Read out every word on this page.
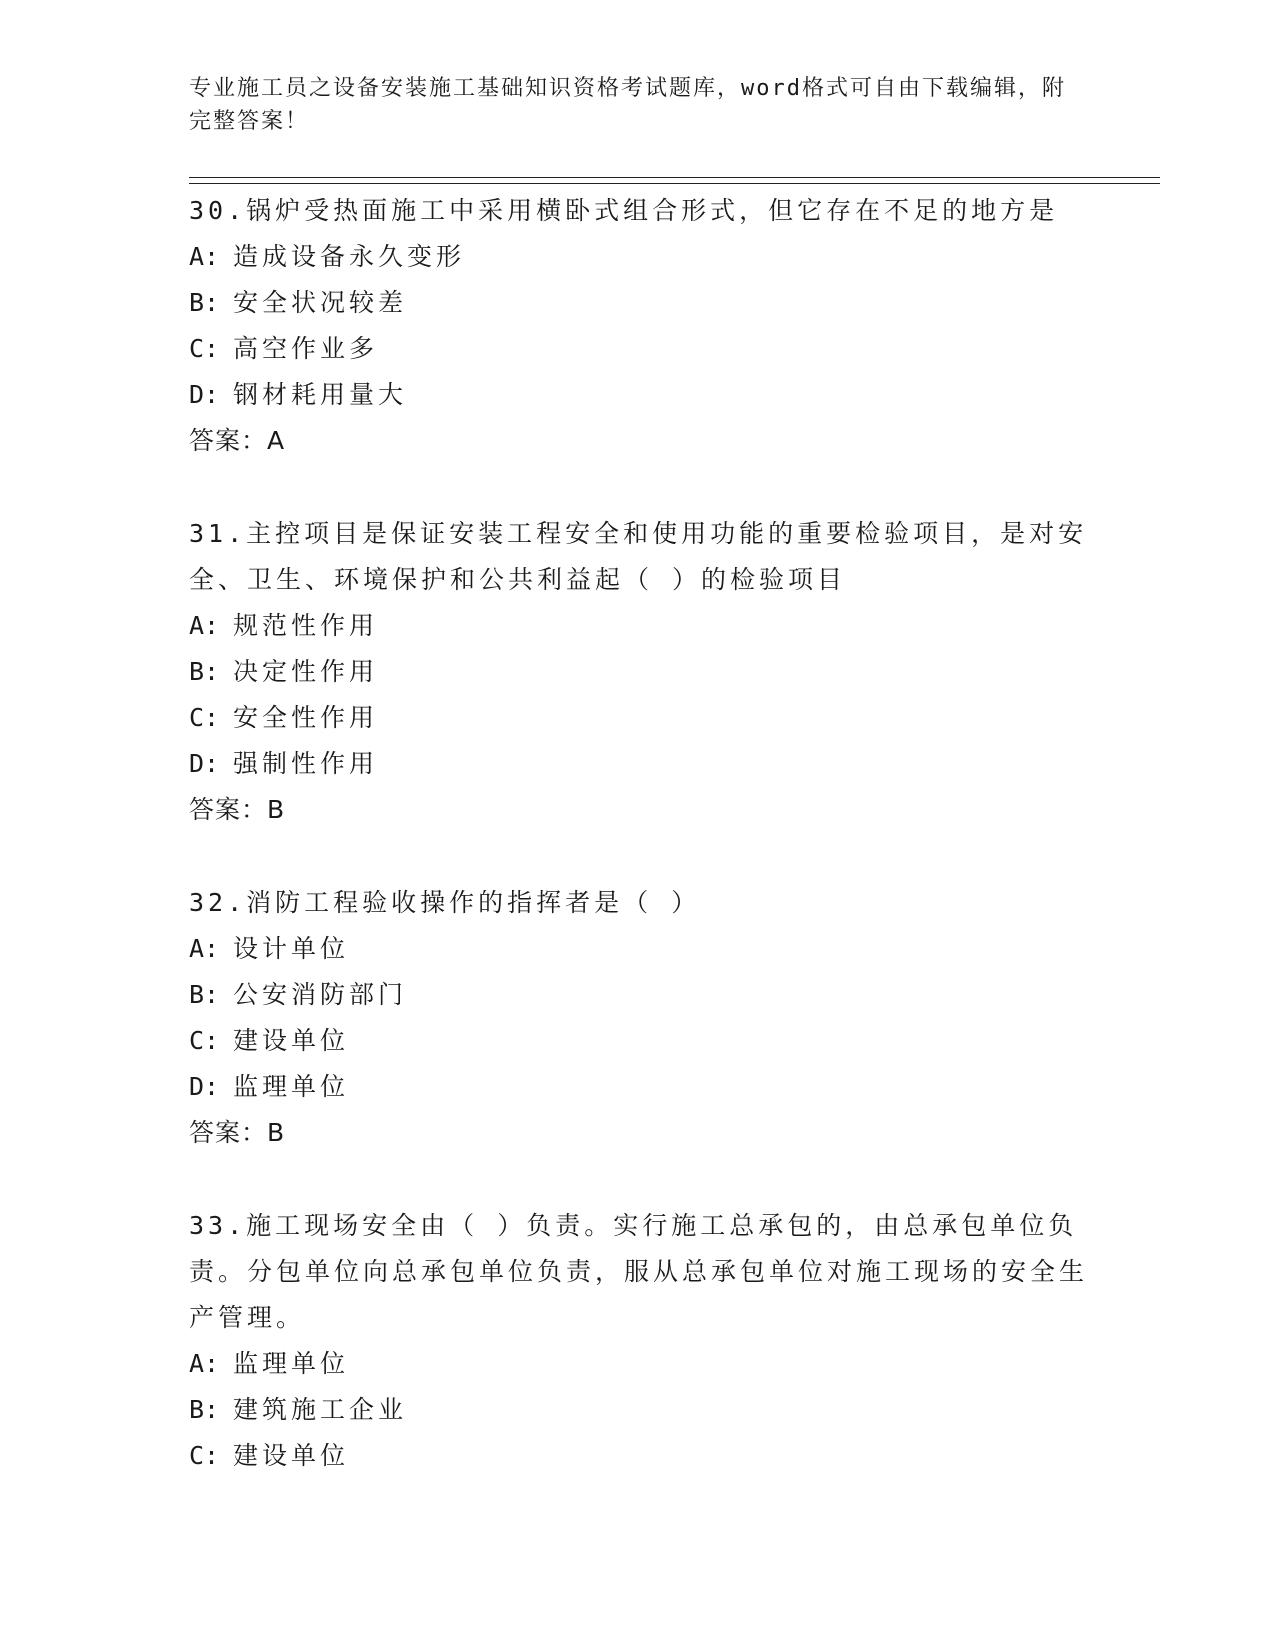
专业施工员之设备安装施工基础知识资格考试题库，word格式可自由下载编辑，附完整答案！
30.锅炉受热面施工中采用横卧式组合形式，但它存在不足的地方是
A: 造成设备永久变形
B: 安全状况较差
C: 高空作业多
D: 钢材耗用量大
答案：A
31.主控项目是保证安装工程安全和使用功能的重要检验项目，是对安全、卫生、环境保护和公共利益起（ ）的检验项目
A: 规范性作用
B: 决定性作用
C: 安全性作用
D: 强制性作用
答案：B
32.消防工程验收操作的指挥者是（ ）
A: 设计单位
B: 公安消防部门
C: 建设单位
D: 监理单位
答案：B
33.施工现场安全由（ ）负责。实行施工总承包的，由总承包单位负责。分包单位向总承包单位负责，服从总承包单位对施工现场的安全生产管理。
A: 监理单位
B: 建筑施工企业
C: 建设单位
